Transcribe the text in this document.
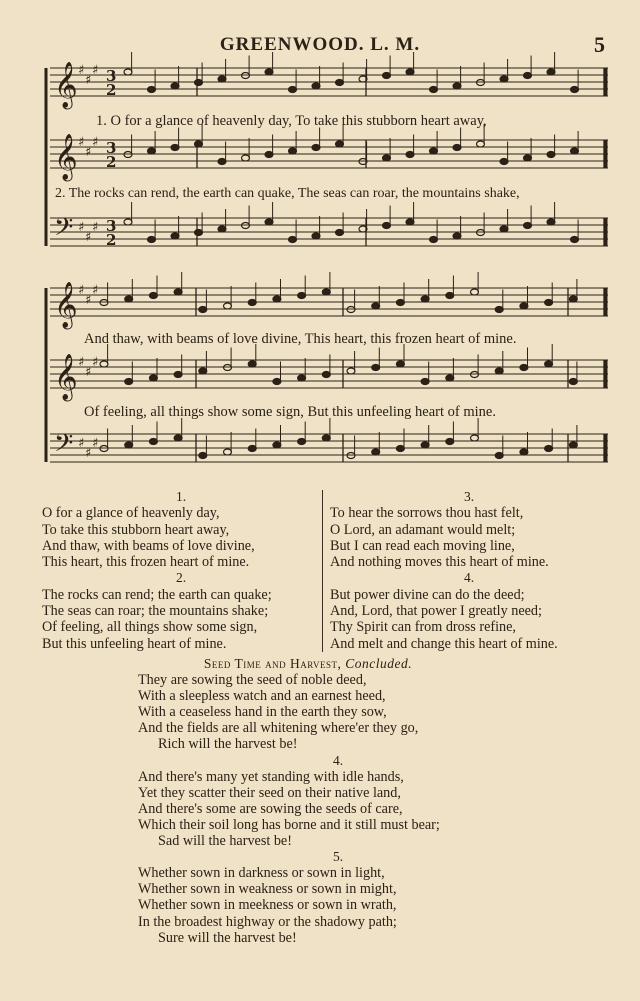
GREENWOOD. L. M.	5
𝄞 ♯
♯
♯ 3
2
𝄞 ♯
♯
♯ 3
2
𝄢 ♯
♯
♯ 3
2
𝄞 ♯
♯
♯
𝄞 ♯
♯
♯
𝄢 ♯
♯
♯
1. O for a glance of heavenly day, To take this stubborn heart away,
2. The rocks can rend, the earth can quake, The seas can roar, the mountains shake,
And thaw, with beams of love divine, This heart, this frozen heart of mine.
Of feeling, all things show some sign, But this unfeeling heart of mine.
1.
O for a glance of heavenly day,
To take this stubborn heart away,
And thaw, with beams of love divine,
This heart, this frozen heart of mine.
2.
The rocks can rend; the earth can quake;
The seas can roar; the mountains shake;
Of feeling, all things show some sign,
But this unfeeling heart of mine.
3.
To hear the sorrows thou hast felt,
O Lord, an adamant would melt;
But I can read each moving line,
And nothing moves this heart of mine.
4.
But power divine can do the deed;
And, Lord, that power I greatly need;
Thy Spirit can from dross refine,
And melt and change this heart of mine.
Seed Time and Harvest, Concluded.
They are sowing the seed of noble deed,
With a sleepless watch and an earnest heed,
With a ceaseless hand in the earth they sow,
And the fields are all whitening where'er they go,
Rich will the harvest be!
4.
And there's many yet standing with idle hands,
Yet they scatter their seed on their native land,
And there's some are sowing the seeds of care,
Which their soil long has borne and it still must bear;
Sad will the harvest be!
5.
Whether sown in darkness or sown in light,
Whether sown in weakness or sown in might,
Whether sown in meekness or sown in wrath,
In the broadest highway or the shadowy path;
Sure will the harvest be!
